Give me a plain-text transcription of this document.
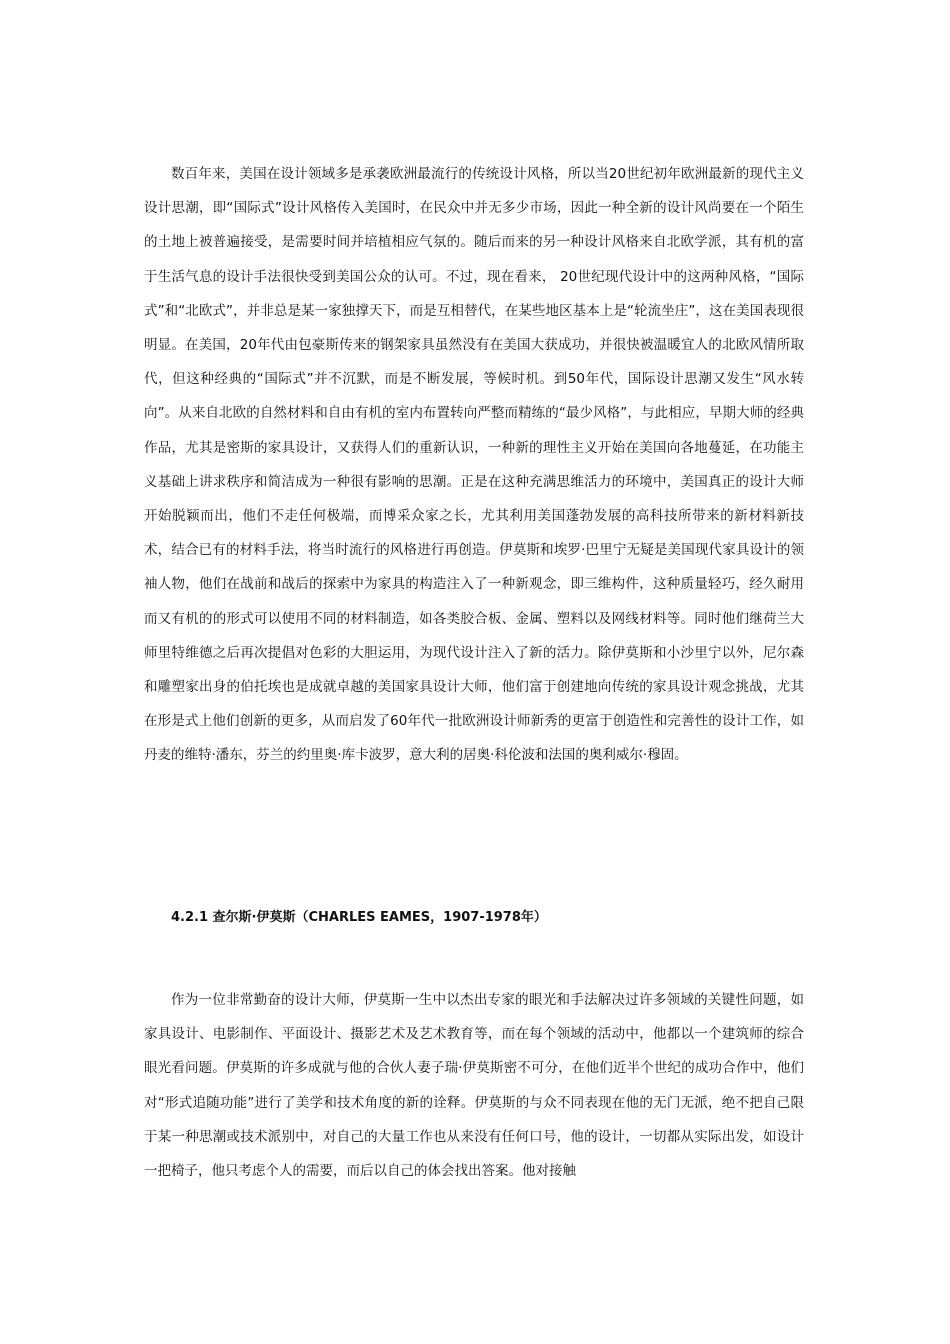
数百年来，美国在设计领域多是承袭欧洲最流行的传统设计风格，所以当20世纪初年欧洲最新的现代主义设计思潮，即“国际式”设计风格传入美国时，在民众中并无多少市场，因此一种全新的设计风尚要在一个陌生的土地上被普遍接受，是需要时间并培植相应气氛的。随后而来的另一种设计风格来自北欧学派，其有机的富于生活气息的设计手法很快受到美国公众的认可。不过，现在看来， 20世纪现代设计中的这两种风格，“国际式”和“北欧式”，并非总是某一家独撑天下，而是互相替代，在某些地区基本上是“轮流坐庄”，这在美国表现很明显。在美国，20年代由包豪斯传来的钢架家具虽然没有在美国大获成功，并很快被温暖宜人的北欧风情所取代，但这种经典的“国际式”并不沉默，而是不断发展，等候时机。到50年代，国际设计思潮又发生“风水转向”。从来自北欧的自然材料和自由有机的室内布置转向严整而精练的“最少风格”，与此相应，早期大师的经典作品，尤其是密斯的家具设计，又获得人们的重新认识，一种新的理性主义开始在美国向各地蔓延，在功能主义基础上讲求秩序和简洁成为一种很有影响的思潮。正是在这种充满思维活力的环境中，美国真正的设计大师开始脱颖而出，他们不走任何极端，而博采众家之长，尤其利用美国蓬勃发展的高科技所带来的新材料新技术，结合已有的材料手法，将当时流行的风格进行再创造。伊莫斯和埃罗·巴里宁无疑是美国现代家具设计的领袖人物，他们在战前和战后的探索中为家具的构造注入了一种新观念，即三维构件，这种质量轻巧，经久耐用而又有机的的形式可以使用不同的材料制造，如各类胶合板、金属、塑料以及网线材料等。同时他们继荷兰大师里特维德之后再次提倡对色彩的大胆运用，为现代设计注入了新的活力。除伊莫斯和小沙里宁以外，尼尔森和雕塑家出身的伯托埃也是成就卓越的美国家具设计大师，他们富于创建地向传统的家具设计观念挑战，尤其在形是式上他们创新的更多，从而启发了60年代一批欧洲设计师新秀的更富于创造性和完善性的设计工作，如丹麦的维特·潘东，芬兰的约里奥·库卡波罗，意大利的居奥·科伦波和法国的奥利威尔·穆固。

4.2.1 查尔斯·伊莫斯（CHARLES EAMES，1907-1978年）

作为一位非常勤奋的设计大师，伊莫斯一生中以杰出专家的眼光和手法解决过许多领域的关键性问题，如家具设计、电影制作、平面设计、摄影艺术及艺术教育等，而在每个领域的活动中，他都以一个建筑师的综合眼光看问题。伊莫斯的许多成就与他的合伙人妻子瑞·伊莫斯密不可分，在他们近半个世纪的成功合作中，他们对“形式追随功能”进行了美学和技术角度的新的诠释。伊莫斯的与众不同表现在他的无门无派，绝不把自己限于某一种思潮或技术派别中，对自己的大量工作也从来没有任何口号，他的设计，一切都从实际出发，如设计一把椅子，他只考虑个人的需要，而后以自己的体会找出答案。他对接触
